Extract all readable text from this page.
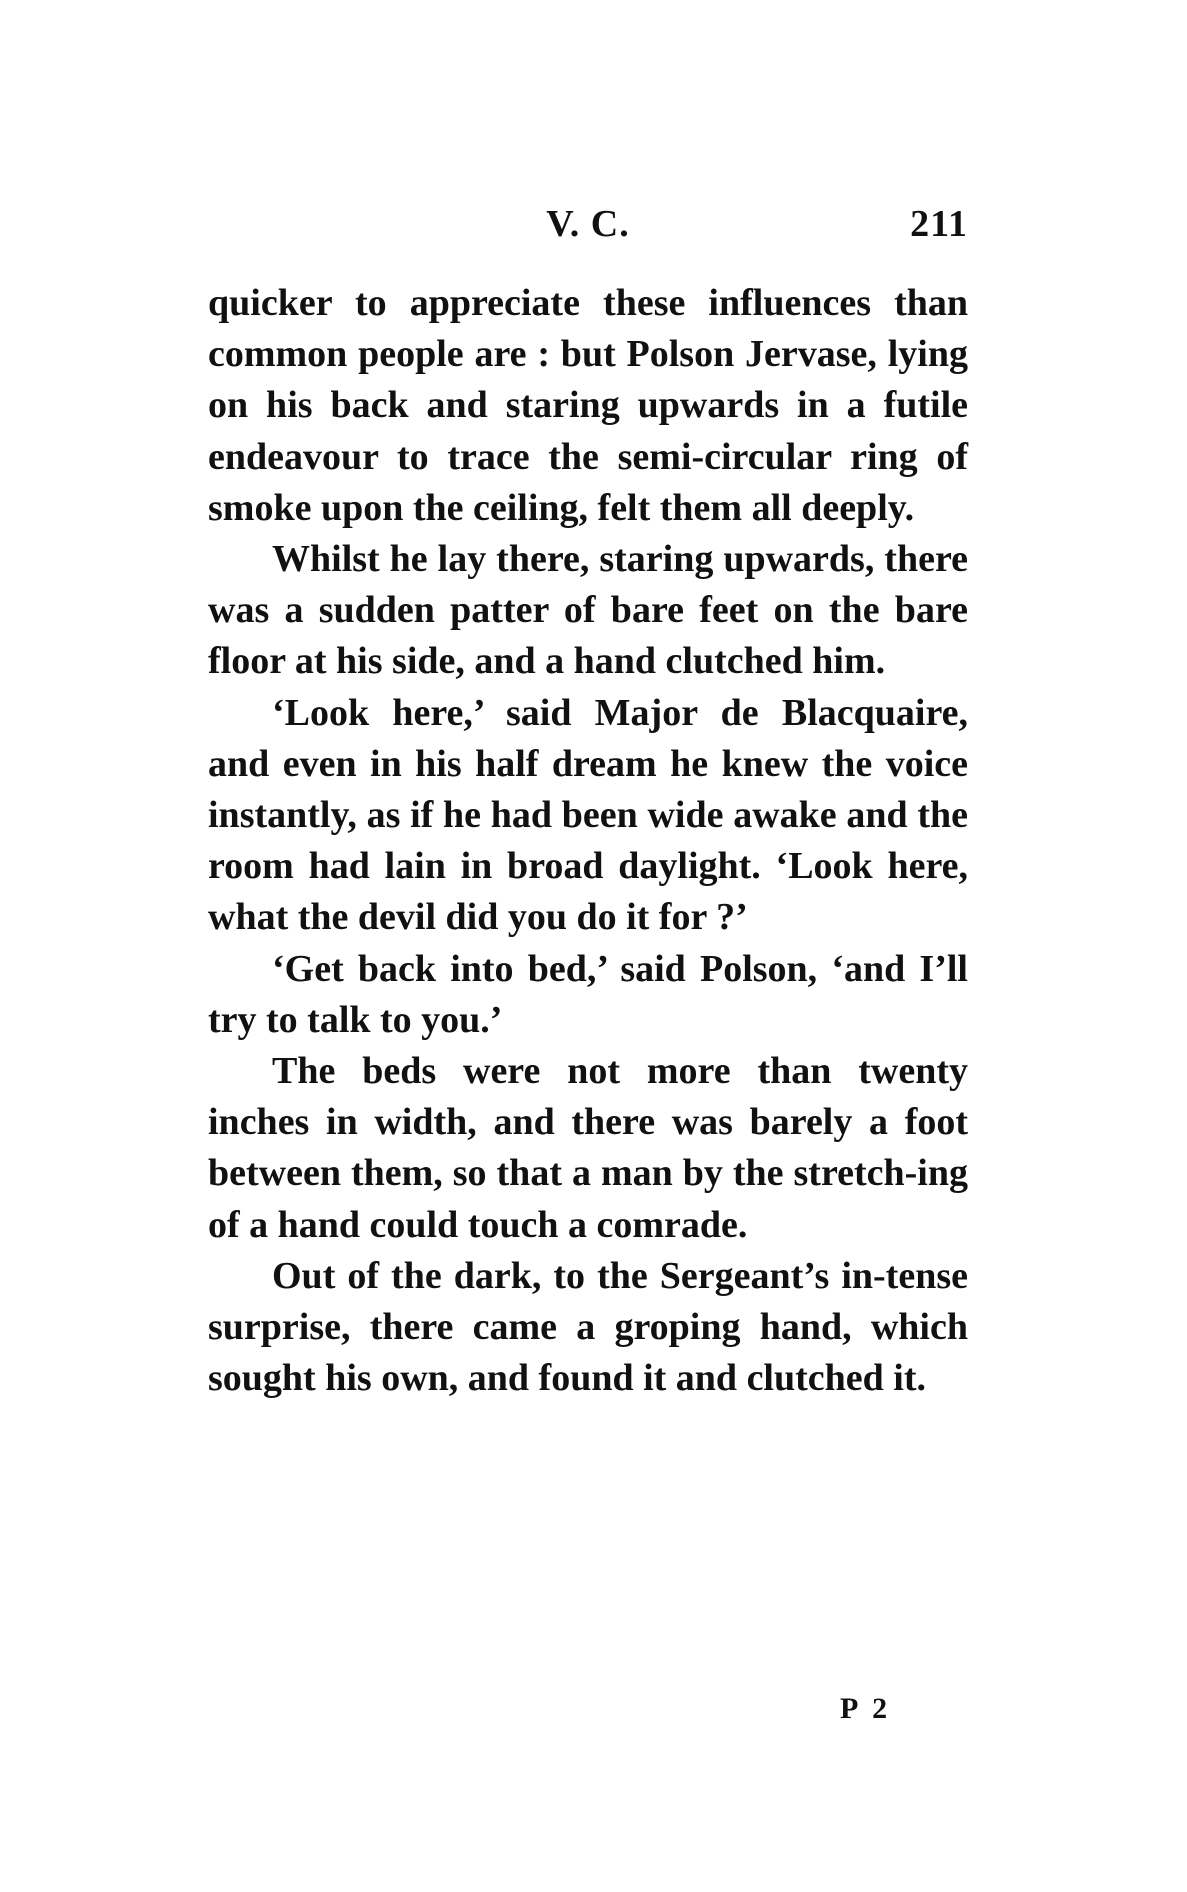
V. C.	211

quicker to appreciate these influences than common people are : but Polson Jervase, lying on his back and staring upwards in a futile endeavour to trace the semi-circular ring of smoke upon the ceiling, felt them all deeply.

Whilst he lay there, staring upwards, there was a sudden patter of bare feet on the bare floor at his side, and a hand clutched him.

‘Look here,’ said Major de Blacquaire, and even in his half dream he knew the voice instantly, as if he had been wide awake and the room had lain in broad daylight. ‘Look here, what the devil did you do it for ?’

‘Get back into bed,’ said Polson, ‘and I’ll try to talk to you.’

The beds were not more than twenty inches in width, and there was barely a foot between them, so that a man by the stretch-ing of a hand could touch a comrade.

Out of the dark, to the Sergeant’s in-tense surprise, there came a groping hand, which sought his own, and found it and clutched it.

P 2
